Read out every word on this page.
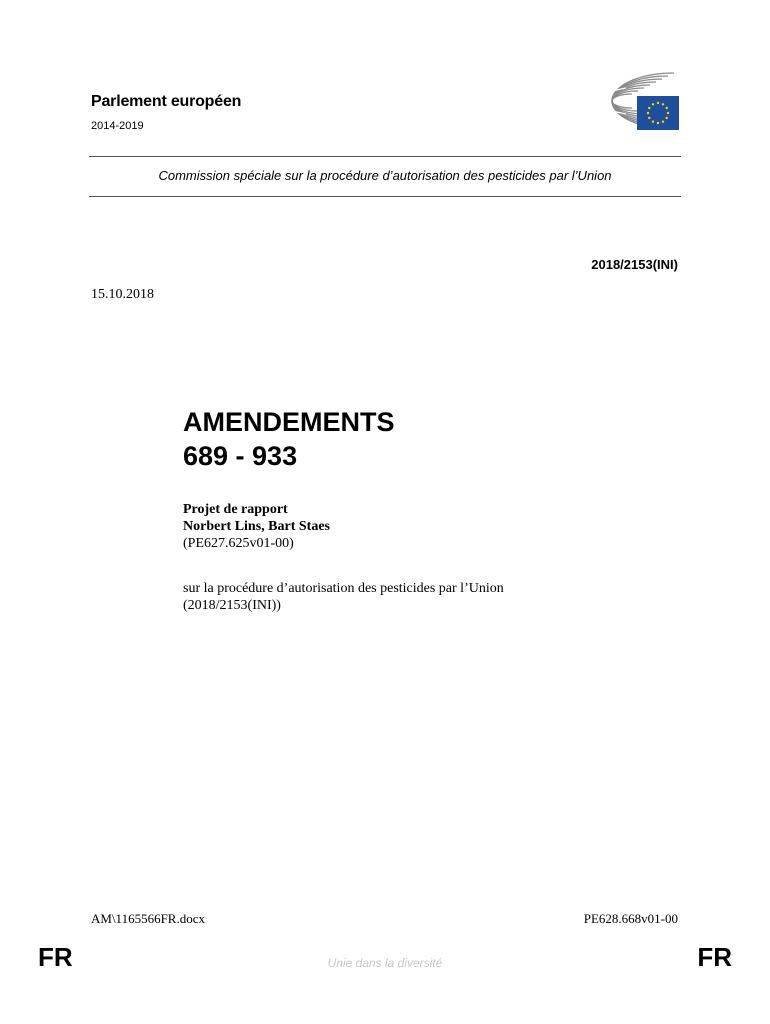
Parlement européen
2014-2019
Commission spéciale sur la procédure d’autorisation des pesticides par l’Union
2018/2153(INI)
15.10.2018
AMENDEMENTS
689 - 933
Projet de rapport
Norbert Lins, Bart Staes
(PE627.625v01-00)
sur la procédure d’autorisation des pesticides par l’Union
(2018/2153(INI))
AM\1165566FR.docx	PE628.668v01-00
FR	Unie dans la diversité	FR
